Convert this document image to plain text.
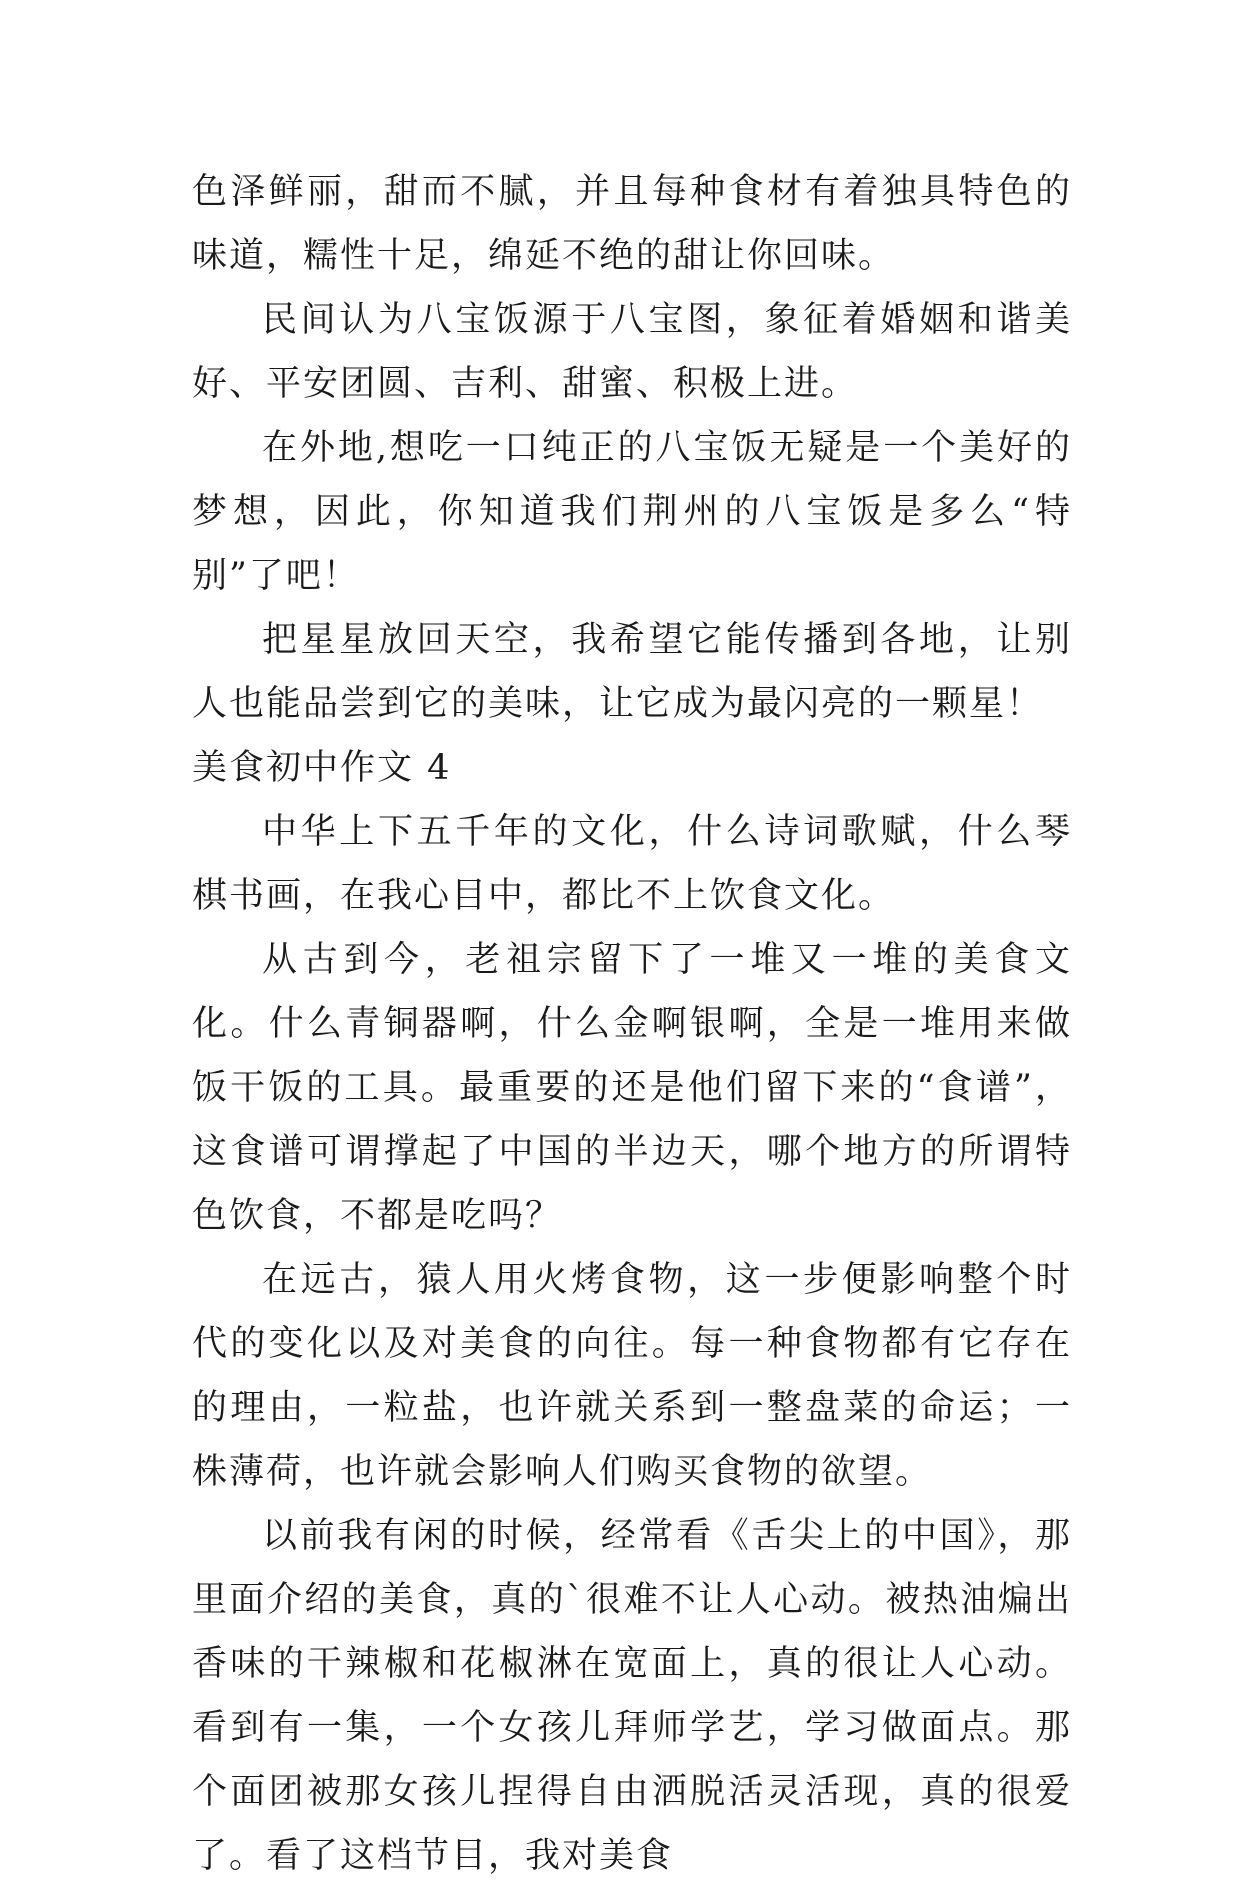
色泽鲜丽，甜而不腻，并且每种食材有着独具特色的味道，糯性十足，绵延不绝的甜让你回味。

民间认为八宝饭源于八宝图，象征着婚姻和谐美好、平安团圆、吉利、甜蜜、积极上进。

在外地,想吃一口纯正的八宝饭无疑是一个美好的梦想，因此，你知道我们荆州的八宝饭是多么“特别”了吧！

把星星放回天空，我希望它能传播到各地，让别人也能品尝到它的美味，让它成为最闪亮的一颗星！

美食初中作文 4

中华上下五千年的文化，什么诗词歌赋，什么琴棋书画，在我心目中，都比不上饮食文化。

从古到今，老祖宗留下了一堆又一堆的美食文化。什么青铜器啊，什么金啊银啊，全是一堆用来做饭干饭的工具。最重要的还是他们留下来的“食谱”，这食谱可谓撑起了中国的半边天，哪个地方的所谓特色饮食，不都是吃吗？

在远古，猿人用火烤食物，这一步便影响整个时代的变化以及对美食的向往。每一种食物都有它存在的理由，一粒盐，也许就关系到一整盘菜的命运；一株薄荷，也许就会影响人们购买食物的欲望。

以前我有闲的时候，经常看《舌尖上的中国》，那里面介绍的美食，真的`很难不让人心动。被热油煸出香味的干辣椒和花椒淋在宽面上，真的很让人心动。看到有一集，一个女孩儿拜师学艺，学习做面点。那个面团被那女孩儿捏得自由洒脱活灵活现，真的很爱了。看了这档节目，我对美食
